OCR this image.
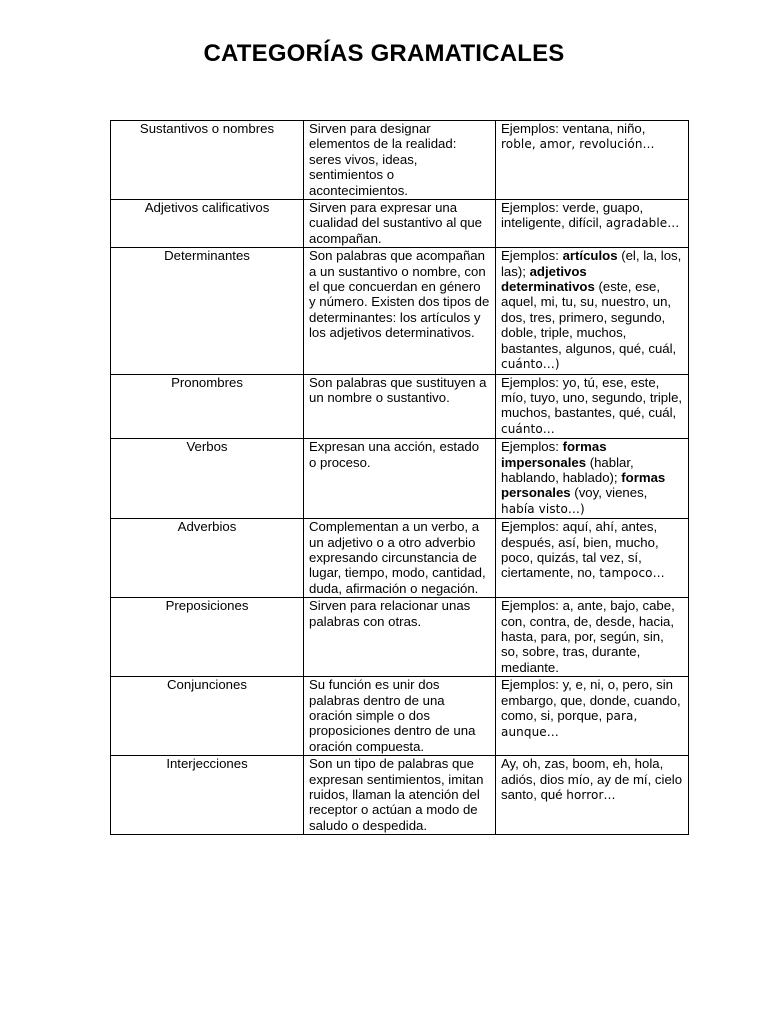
CATEGORÍAS GRAMATICALES
Sustantivos o nombres	Sirven para designar elementos de la realidad: seres vivos, ideas, sentimientos o acontecimientos.	Ejemplos: ventana, niño, roble, amor, revolución…
Adjetivos calificativos	Sirven para expresar una cualidad del sustantivo al que acompañan.	Ejemplos: verde, guapo, inteligente, difícil, agradable…
Determinantes	Son palabras que acompañan a un sustantivo o nombre, con el que concuerdan en género y número. Existen dos tipos de determinantes: los artículos y los adjetivos determinativos.	Ejemplos: artículos (el, la, los, las); adjetivos determinativos (este, ese, aquel, mi, tu, su, nuestro, un, dos, tres, primero, segundo, doble, triple, muchos, bastantes, algunos, qué, cuál, cuánto…)
Pronombres	Son palabras que sustituyen a un nombre o sustantivo.	Ejemplos: yo, tú, ese, este, mío, tuyo, uno, segundo, triple, muchos, bastantes, qué, cuál, cuánto…
Verbos	Expresan una acción, estado o proceso.	Ejemplos: formas impersonales (hablar, hablando, hablado); formas personales (voy, vienes, había visto…)
Adverbios	Complementan a un verbo, a un adjetivo o a otro adverbio expresando circunstancia de lugar, tiempo, modo, cantidad, duda, afirmación o negación.	Ejemplos: aquí, ahí, antes, después, así, bien, mucho, poco, quizás, tal vez, sí, ciertamente, no, tampoco…
Preposiciones	Sirven para relacionar unas palabras con otras.	Ejemplos: a, ante, bajo, cabe, con, contra, de, desde, hacia, hasta, para, por, según, sin, so, sobre, tras, durante, mediante.
Conjunciones	Su función es unir dos palabras dentro de una oración simple o dos proposiciones dentro de una oración compuesta.	Ejemplos: y, e, ni, o, pero, sin embargo, que, donde, cuando, como, si, porque, para, aunque…
Interjecciones	Son un tipo de palabras que expresan sentimientos, imitan ruidos, llaman la atención del receptor o actúan a modo de saludo o despedida.	Ay, oh, zas, boom, eh, hola, adiós, dios mío, ay de mí, cielo santo, qué horror…
